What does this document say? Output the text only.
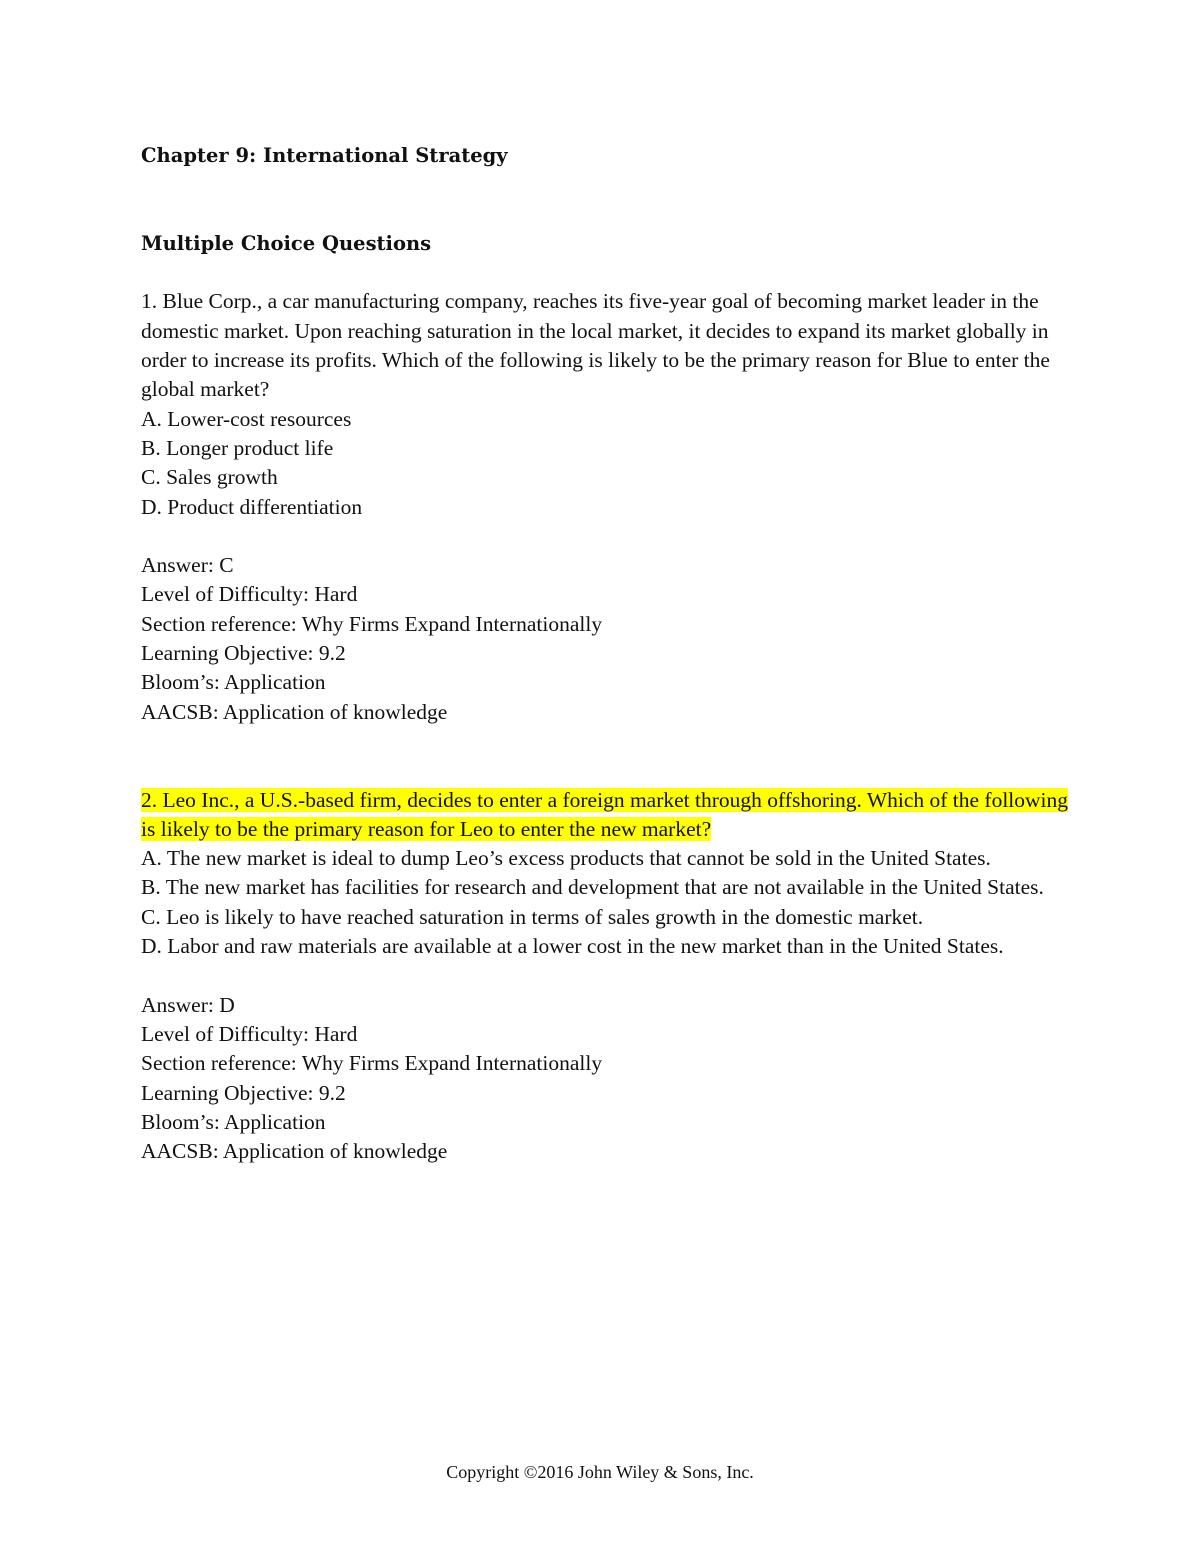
Chapter 9: International Strategy
Multiple Choice Questions
1. Blue Corp., a car manufacturing company, reaches its five-year goal of becoming market leader in the domestic market. Upon reaching saturation in the local market, it decides to expand its market globally in order to increase its profits. Which of the following is likely to be the primary reason for Blue to enter the global market?
A. Lower-cost resources
B. Longer product life
C. Sales growth
D. Product differentiation
Answer: C
Level of Difficulty: Hard
Section reference: Why Firms Expand Internationally
Learning Objective: 9.2
Bloom’s: Application
AACSB: Application of knowledge
2. Leo Inc., a U.S.-based firm, decides to enter a foreign market through offshoring. Which of the following is likely to be the primary reason for Leo to enter the new market?
A. The new market is ideal to dump Leo’s excess products that cannot be sold in the United States.
B. The new market has facilities for research and development that are not available in the United States.
C. Leo is likely to have reached saturation in terms of sales growth in the domestic market.
D. Labor and raw materials are available at a lower cost in the new market than in the United States.
Answer: D
Level of Difficulty: Hard
Section reference: Why Firms Expand Internationally
Learning Objective: 9.2
Bloom’s: Application
AACSB: Application of knowledge
Copyright ©2016 John Wiley & Sons, Inc.
